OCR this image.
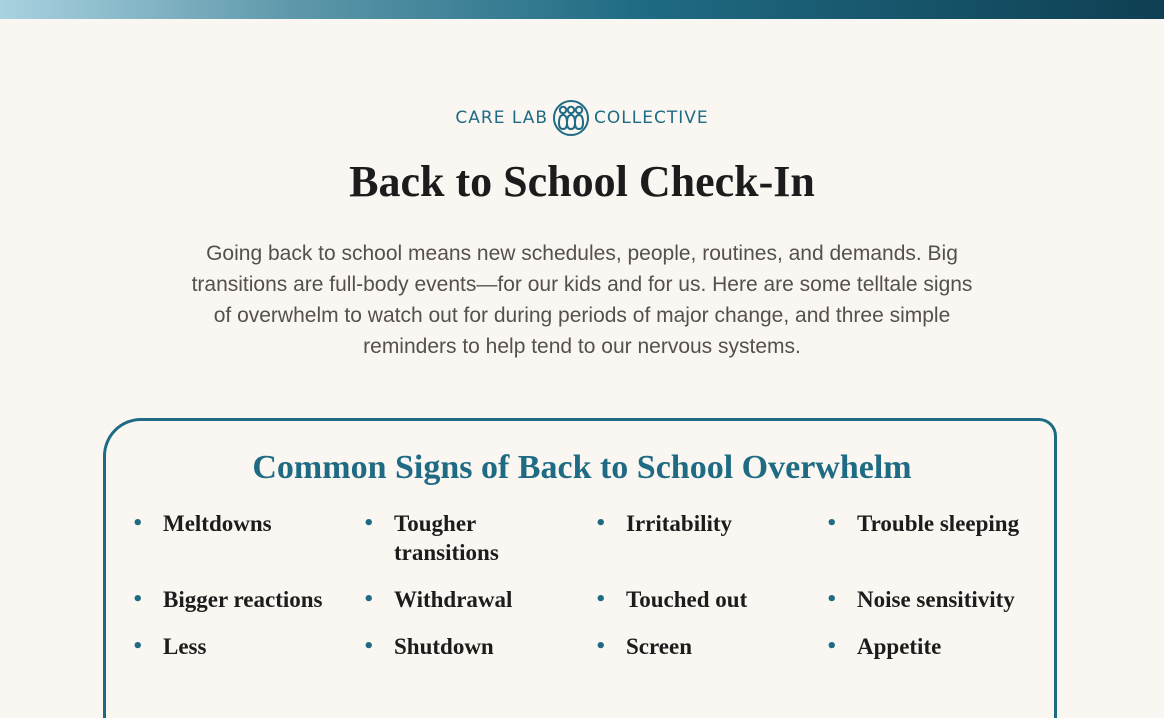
CARE LAB	COLLECTIVE
Back to School Check-In

Going back to school means new schedules, people, routines, and demands. Big transitions are full-body events—for our kids and for us. Here are some telltale signs of overwhelm to watch out for during periods of major change, and three simple reminders to help tend to our nervous systems.

Common Signs of Back to School Overwhelm
• Meltdowns	• Tougher transitions
• Irritability	• Trouble sleeping
• Bigger reactions	• Withdrawal	• Touched out	• Noise sensitivity
• Less	• Shutdown	• Screen	• Appetite
